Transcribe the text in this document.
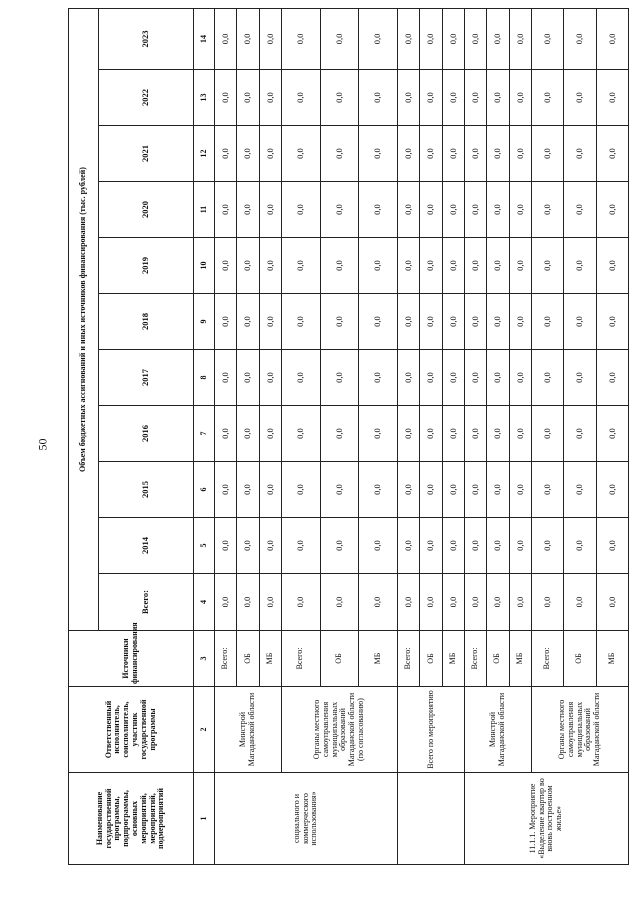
50
Наименование государственной программы, подпрограммы, основных мероприятий, мероприятий, подмероприятий	Ответственный исполнитель, соисполнитель, участник государственной программы	Источники финансирования	Объем бюджетных ассигнований и иных источников финансирования (тыс. рублей)										
			Всего:	2014	2015	2016	2017	2018	2019	2020	2021	2022	2023
1	2	3	4	5	6	7	8	9	10	11	12	13	14
социального и коммерческого использования»	Минстрой Магаданской области	Всего:	0,0	0,0	0,0	0,0	0,0	0,0	0,0	0,0	0,0	0,0	0,0
		ОБ	0,0	0,0	0,0	0,0	0,0	0,0	0,0	0,0	0,0	0,0	0,0
		МБ	0,0	0,0	0,0	0,0	0,0	0,0	0,0	0,0	0,0	0,0	0,0
	Органы местного самоуправления муниципальных образований Магаданской области (по согласованию)	Всего:	0,0	0,0	0,0	0,0	0,0	0,0	0,0	0,0	0,0	0,0	0,0
		ОБ	0,0	0,0	0,0	0,0	0,0	0,0	0,0	0,0	0,0	0,0	0,0
		МБ	0,0	0,0	0,0	0,0	0,0	0,0	0,0	0,0	0,0	0,0	0,0
	Всего по мероприятию	Всего:	0,0	0,0	0,0	0,0	0,0	0,0	0,0	0,0	0,0	0,0	0,0
		ОБ	0,0	0,0	0,0	0,0	0,0	0,0	0,0	0,0	0,0	0,0	0,0
		МБ	0,0	0,0	0,0	0,0	0,0	0,0	0,0	0,0	0,0	0,0	0,0
11.1.1. Мероприятие «Выделение квартир во вновь построенном жилье»	Минстрой Магаданской области	Всего:	0,0	0,0	0,0	0,0	0,0	0,0	0,0	0,0	0,0	0,0	0,0
		ОБ	0,0	0,0	0,0	0,0	0,0	0,0	0,0	0,0	0,0	0,0	0,0
		МБ	0,0	0,0	0,0	0,0	0,0	0,0	0,0	0,0	0,0	0,0	0,0
	Органы местного самоуправления муниципальных образований Магаданской области	Всего:	0,0	0,0	0,0	0,0	0,0	0,0	0,0	0,0	0,0	0,0	0,0
		ОБ	0,0	0,0	0,0	0,0	0,0	0,0	0,0	0,0	0,0	0,0	0,0
		МБ	0,0	0,0	0,0	0,0	0,0	0,0	0,0	0,0	0,0	0,0	0,0
